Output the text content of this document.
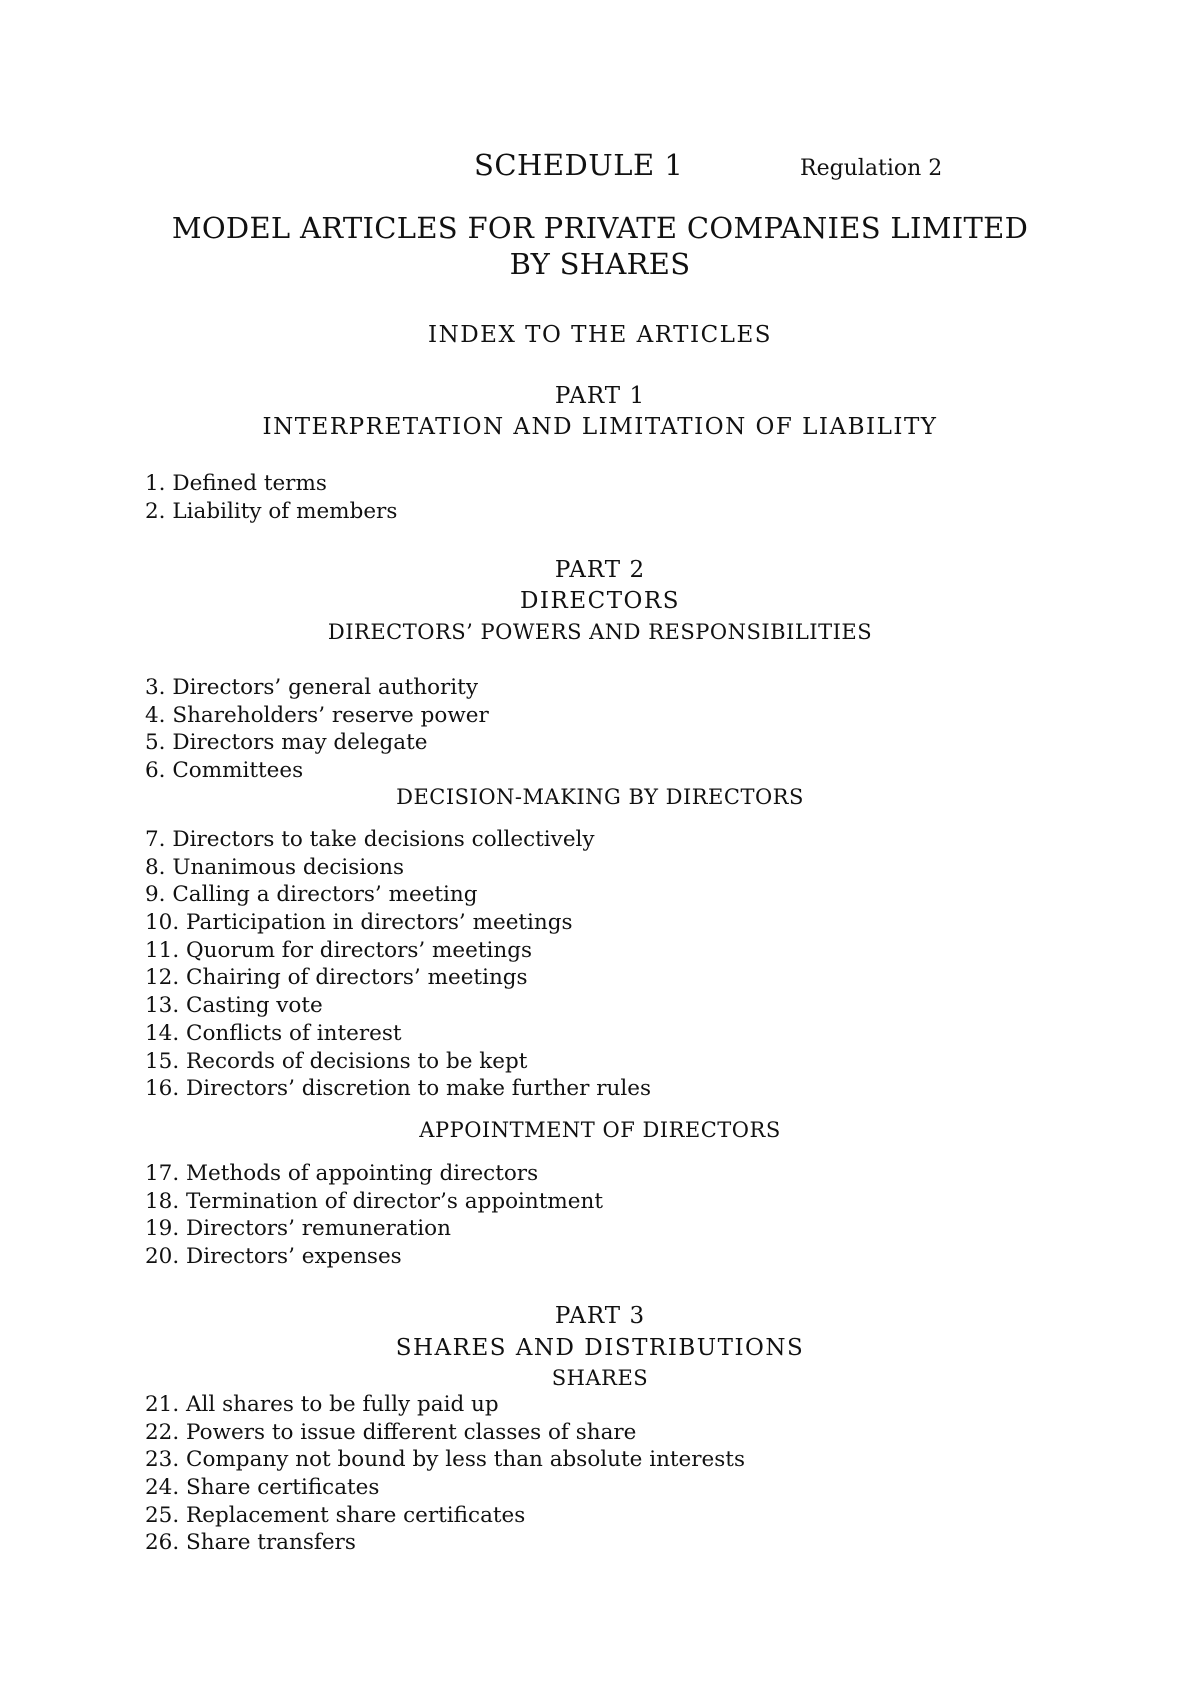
SCHEDULE 1	Regulation 2
MODEL ARTICLES FOR PRIVATE COMPANIES LIMITED BY SHARES
INDEX TO THE ARTICLES
PART 1
INTERPRETATION AND LIMITATION OF LIABILITY
1. Defined terms
2. Liability of members
PART 2
DIRECTORS
DIRECTORS’ POWERS AND RESPONSIBILITIES
3. Directors’ general authority
4. Shareholders’ reserve power
5. Directors may delegate
6. Committees
DECISION-MAKING BY DIRECTORS
7. Directors to take decisions collectively
8. Unanimous decisions
9. Calling a directors’ meeting
10. Participation in directors’ meetings
11. Quorum for directors’ meetings
12. Chairing of directors’ meetings
13. Casting vote
14. Conflicts of interest
15. Records of decisions to be kept
16. Directors’ discretion to make further rules
APPOINTMENT OF DIRECTORS
17. Methods of appointing directors
18. Termination of director’s appointment
19. Directors’ remuneration
20. Directors’ expenses
PART 3
SHARES AND DISTRIBUTIONS
SHARES
21. All shares to be fully paid up
22. Powers to issue different classes of share
23. Company not bound by less than absolute interests
24. Share certificates
25. Replacement share certificates
26. Share transfers
